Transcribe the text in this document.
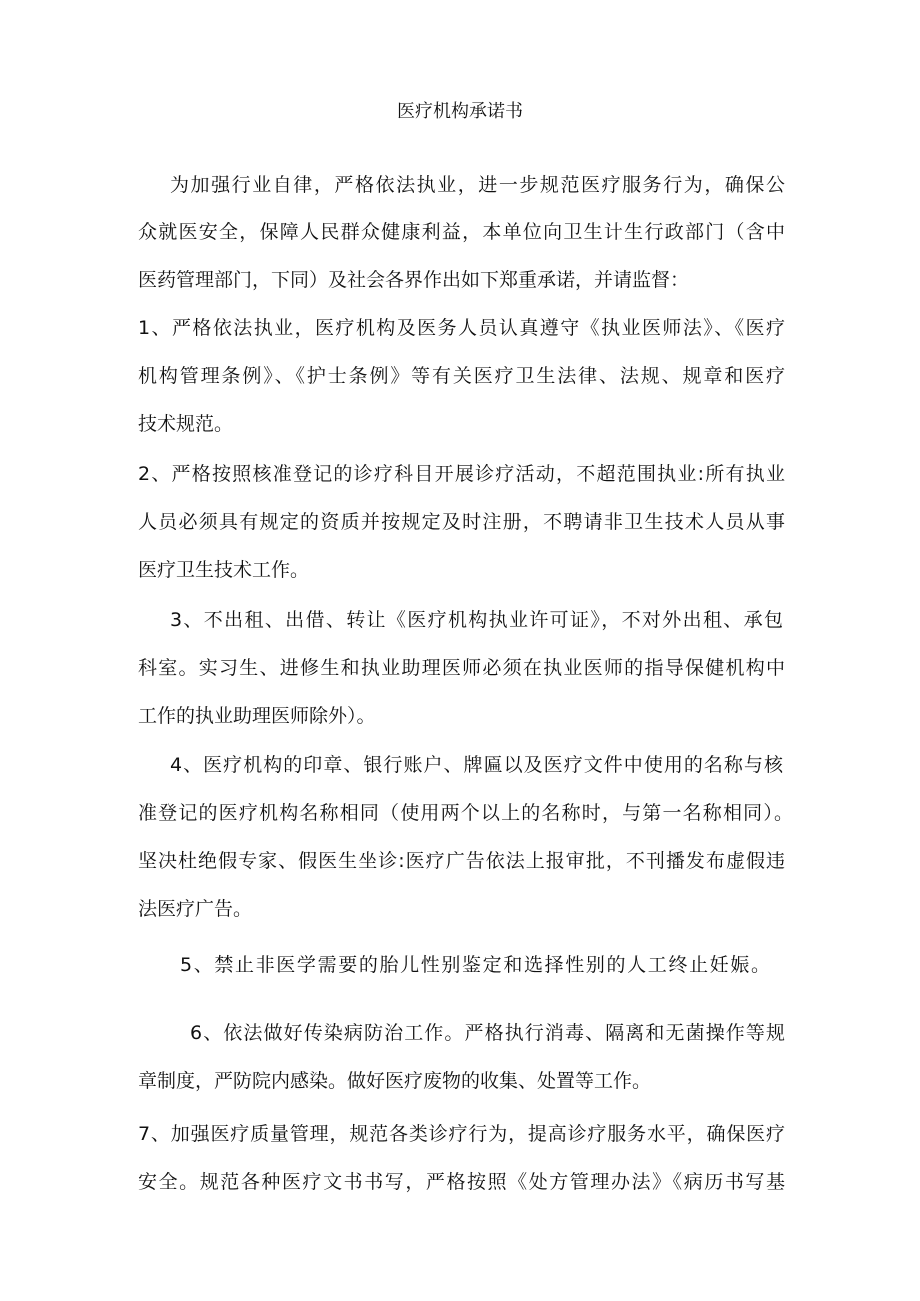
医疗机构承诺书
为加强行业自律，严格依法执业，进一步规范医疗服务行为，确保公
众就医安全，保障人民群众健康利益，本单位向卫生计生行政部门（含中
医药管理部门，下同）及社会各界作出如下郑重承诺，并请监督：
1、严格依法执业，医疗机构及医务人员认真遵守《执业医师法》、《医疗
机构管理条例》、《护士条例》等有关医疗卫生法律、法规、规章和医疗
技术规范。
2、严格按照核准登记的诊疗科目开展诊疗活动，不超范围执业:所有执业
人员必须具有规定的资质并按规定及时注册，不聘请非卫生技术人员从事
医疗卫生技术工作。
3、不出租、出借、转让《医疗机构执业许可证》，不对外出租、承包
科室。实习生、进修生和执业助理医师必须在执业医师的指导保健机构中
工作的执业助理医师除外）。
4、医疗机构的印章、银行账户、牌匾以及医疗文件中使用的名称与核
准登记的医疗机构名称相同（使用两个以上的名称时，与第一名称相同）。
坚决杜绝假专家、假医生坐诊:医疗广告依法上报审批，不刊播发布虚假违
法医疗广告。
5、禁止非医学需要的胎儿性别鉴定和选择性别的人工终止妊娠。
6、依法做好传染病防治工作。严格执行消毒、隔离和无菌操作等规
章制度，严防院内感染。做好医疗废物的收集、处置等工作。
7、加强医疗质量管理，规范各类诊疗行为，提高诊疗服务水平，确保医疗
安全。规范各种医疗文书书写，严格按照《处方管理办法》《病历书写基
